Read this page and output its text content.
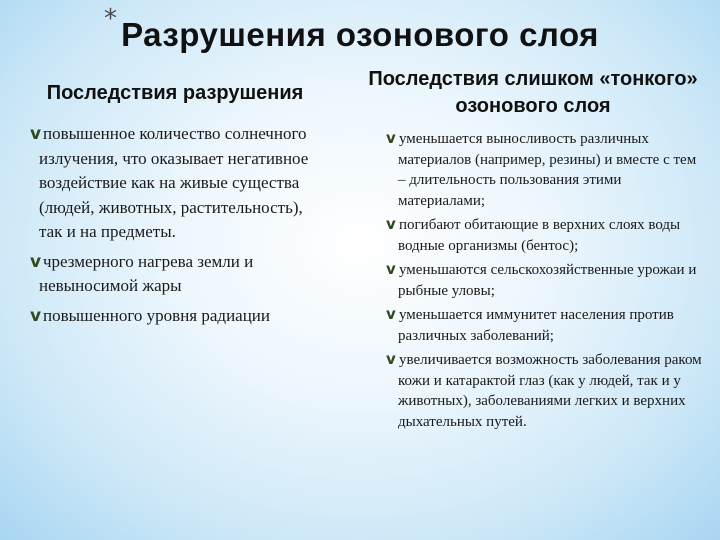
* Разрушения озонового слоя
Последствия разрушения
Последствия слишком «тонкого» озонового слоя
v повышенное количество солнечного излучения, что оказывает негативное воздействие как на живые существа (людей, животных, растительность), так и на предметы.
v чрезмерного нагрева земли и невыносимой жары
v повышенного уровня радиации
v уменьшается выносливость различных материалов (например, резины) и вместе с тем – длительность пользования этими материалами;
v погибают обитающие в верхних слоях воды водные организмы (бентос);
v уменьшаются сельскохозяйственные урожаи и рыбные уловы;
v уменьшается иммунитет населения против различных заболеваний;
v увеличивается возможность заболевания раком кожи и катарактой глаз (как у людей, так и у животных), заболеваниями легких и верхних дыхательных путей.
